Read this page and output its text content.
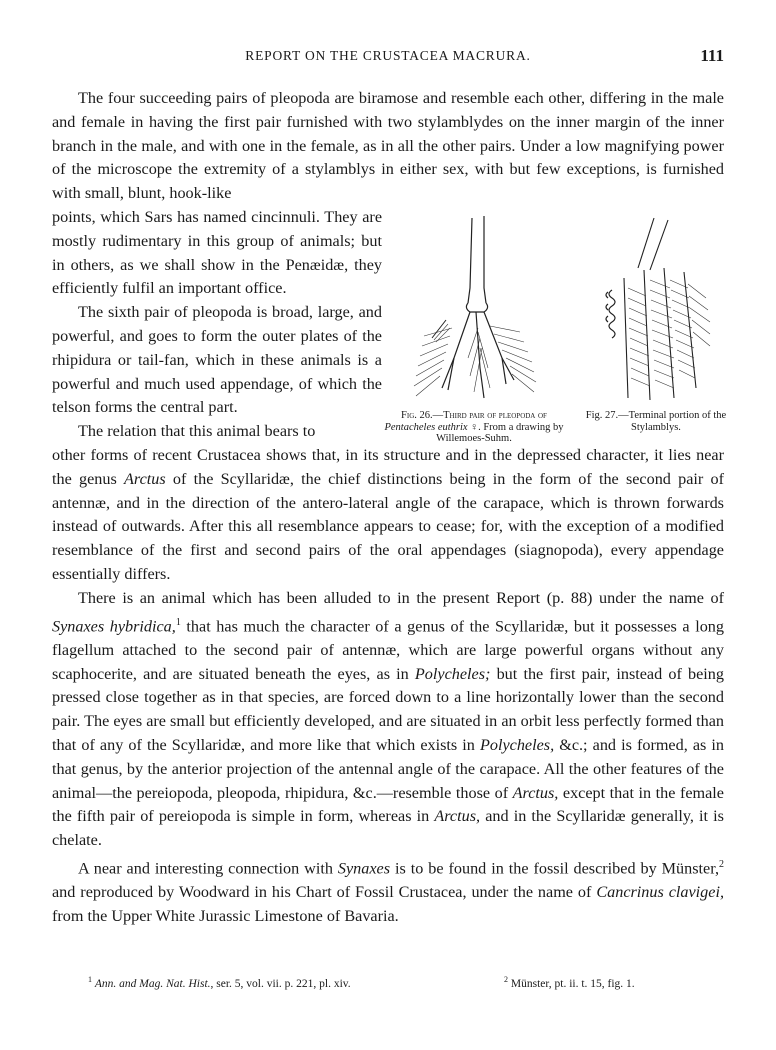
REPORT ON THE CRUSTACEA MACRURA.	111

The four succeeding pairs of pleopoda are biramose and resemble each other, differing in the male and female in having the first pair furnished with two stylamblydes on the inner margin of the inner branch in the male, and with one in the female, as in all the other pairs. Under a low magnifying power of the microscope the extremity of a stylamblys in either sex, with but few exceptions, is furnished with small, blunt, hook-like

points, which Sars has named cincinnuli. They are mostly rudimentary in this group of animals; but in others, as we shall show in the Penæidæ, they efficiently fulfil an important office.

The sixth pair of pleopoda is broad, large, and powerful, and goes to form the outer plates of the rhipidura or tail-fan, which in these animals is a powerful and much used appendage, of which the telson forms the central part.

The relation that this animal bears to

other forms of recent Crustacea shows that, in its structure and in the depressed character, it lies near the genus Arctus of the Scyllaridæ, the chief distinctions being in the form of the second pair of antennæ, and in the direction of the antero-lateral angle of the carapace, which is thrown forwards instead of outwards. After this all resemblance appears to cease; for, with the exception of a modified resemblance of the first and second pairs of the oral appendages (siagnopoda), every appendage essentially differs.

There is an animal which has been alluded to in the present Report (p. 88) under the name of Synaxes hybridica,$^1$ that has much the character of a genus of the Scyllaridæ, but it possesses a long flagellum attached to the second pair of antennæ, which are large powerful organs without any scaphocerite, and are situated beneath the eyes, as in Polycheles; but the first pair, instead of being pressed close together as in that species, are forced down to a line horizontally lower than the second pair. The eyes are small but efficiently developed, and are situated in an orbit less perfectly formed than that of any of the Scyllaridæ, and more like that which exists in Polycheles, &c.; and is formed, as in that genus, by the anterior projection of the antennal angle of the carapace. All the other features of the animal—the pereiopoda, pleopoda, rhipidura, &c.—resemble those of Arctus, except that in the female the fifth pair of pereiopoda is simple in form, whereas in Arctus, and in the Scyllaridæ generally, it is chelate.

A near and interesting connection with Synaxes is to be found in the fossil described by Münster,$^2$ and reproduced by Woodward in his Chart of Fossil Crustacea, under the name of Cancrinus clavigei, from the Upper White Jurassic Limestone of Bavaria.

Fig. 26.—Third pair of pleopoda of Pentacheles euthrix ♀. From a drawing by Willemoes-Suhm.
Fig. 27.—Terminal portion of the Stylamblys.
$^1$ Ann. and Mag. Nat. Hist., ser. 5, vol. vii. p. 221, pl. xiv.	$^2$ Münster, pt. ii. t. 15, fig. 1.
